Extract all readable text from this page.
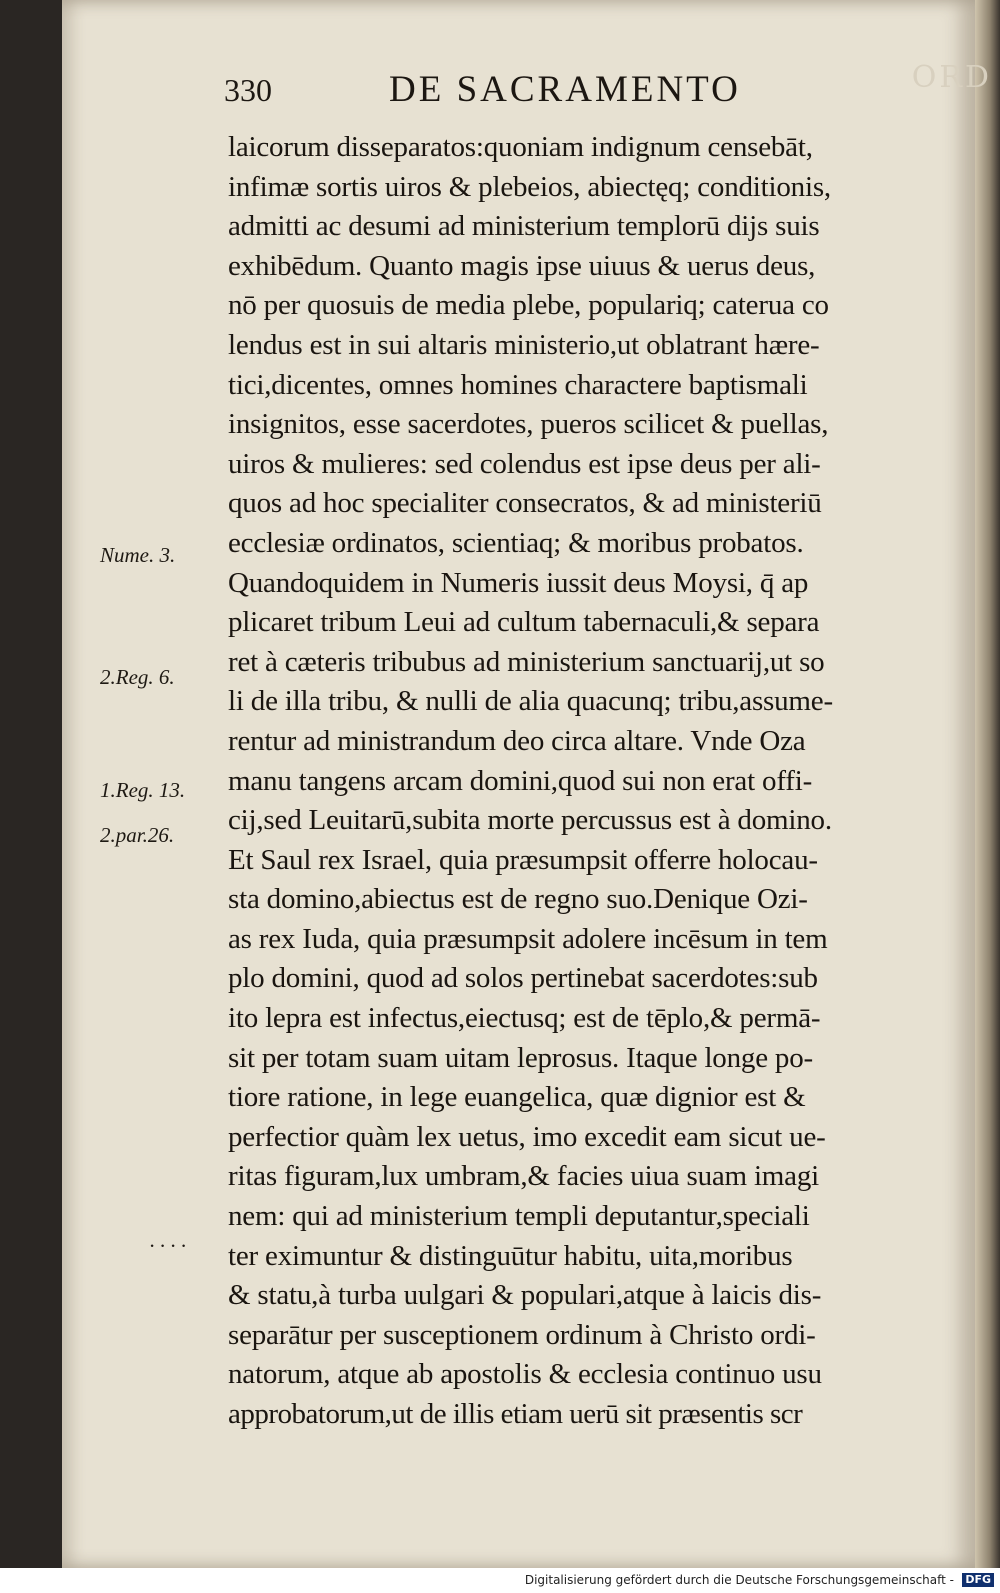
ORD
330	DE SACRAMENTO
laicorum disseparatos:quoniam indignum censebāt,
infimæ sortis uiros & plebeios, abiectęq; conditionis,
admitti ac desumi ad ministerium templorū dijs suis
exhibēdum. Quanto magis ipse uiuus & uerus deus,
nō per quosuis de media plebe, populariq; caterua co
lendus est in sui altaris ministerio,ut oblatrant hære-
tici,dicentes, omnes homines charactere baptismali
insignitos, esse sacerdotes, pueros scilicet & puellas,
uiros & mulieres: sed colendus est ipse deus per ali-
quos ad hoc specialiter consecratos, & ad ministeriū
ecclesiæ ordinatos, scientiaq; & moribus probatos.
Quandoquidem in Numeris iussit deus Moysi, q̄ ap
plicaret tribum Leui ad cultum tabernaculi,& separa
ret à cæteris tribubus ad ministerium sanctuarij,ut so
li de illa tribu, & nulli de alia quacunq; tribu,assume-
rentur ad ministrandum deo circa altare. Vnde Oza
manu tangens arcam domini,quod sui non erat offi-
cij,sed Leuitarū,subita morte percussus est à domino.
Et Saul rex Israel, quia præsumpsit offerre holocau-
sta domino,abiectus est de regno suo.Denique Ozi-
as rex Iuda, quia præsumpsit adolere incēsum in tem
plo domini, quod ad solos pertinebat sacerdotes:sub
ito lepra est infectus,eiectusq; est de tēplo,& permā-
sit per totam suam uitam leprosus. Itaque longe po-
tiore ratione, in lege euangelica, quæ dignior est &
perfectior quàm lex uetus, imo excedit eam sicut ue-
ritas figuram,lux umbram,& facies uiua suam imagi
nem: qui ad ministerium templi deputantur,speciali
ter eximuntur & distinguūtur habitu, uita,moribus
& statu,à turba uulgari & populari,atque à laicis dis-
separātur per susceptionem ordinum à Christo ordi-
natorum, atque ab apostolis & ecclesia continuo usu
approbatorum,ut de illis etiam uerū sit præsentis scr
Nume. 3.
2.Reg. 6.
1.Reg. 13.
2.par.26.
. . . .
Digitalisierung gefördert durch die Deutsche Forschungsgemeinschaft - DFG
